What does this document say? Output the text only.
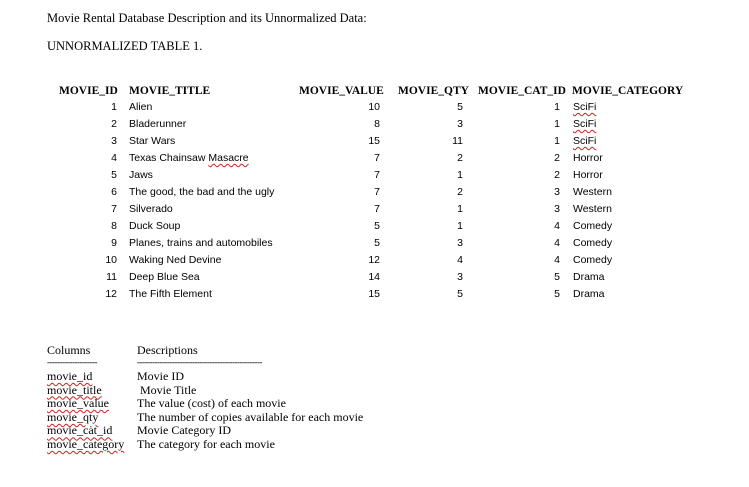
Movie Rental Database Description and its Unnormalized Data:
UNNORMALIZED TABLE 1.
MOVIE_ID MOVIE_TITLE	MOVIE_VALUE MOVIE_QTY MOVIE_CAT_ID MOVIE_CATEGORY
1 Alien	10	5	1 SciFi
2 Bladerunner	8	3	1 SciFi
3 Star Wars	15	11	1 SciFi
4 Texas Chainsaw Masacre	7	2	2 Horror
5 Jaws	7	1	2 Horror
6 The good, the bad and the ugly	7	2	3 Western
7 Silverado	7	1	3 Western
8 Duck Soup	5	1	4 Comedy
9 Planes, trains and automobiles	5	3	4 Comedy
10 Waking Ned Devine	12	4	4 Comedy
11 Deep Blue Sea	14	3	5 Drama
12 The Fifth Element	15	5	5 Drama
Columns	Descriptions
--------------------	--------------------------------------------------
movie_id	Movie ID
movie_title	Movie Title
movie_value The value (cost) of each movie
movie_qty	The number of copies available for each movie
movie_cat_id Movie Category ID
movie_category The category for each movie
